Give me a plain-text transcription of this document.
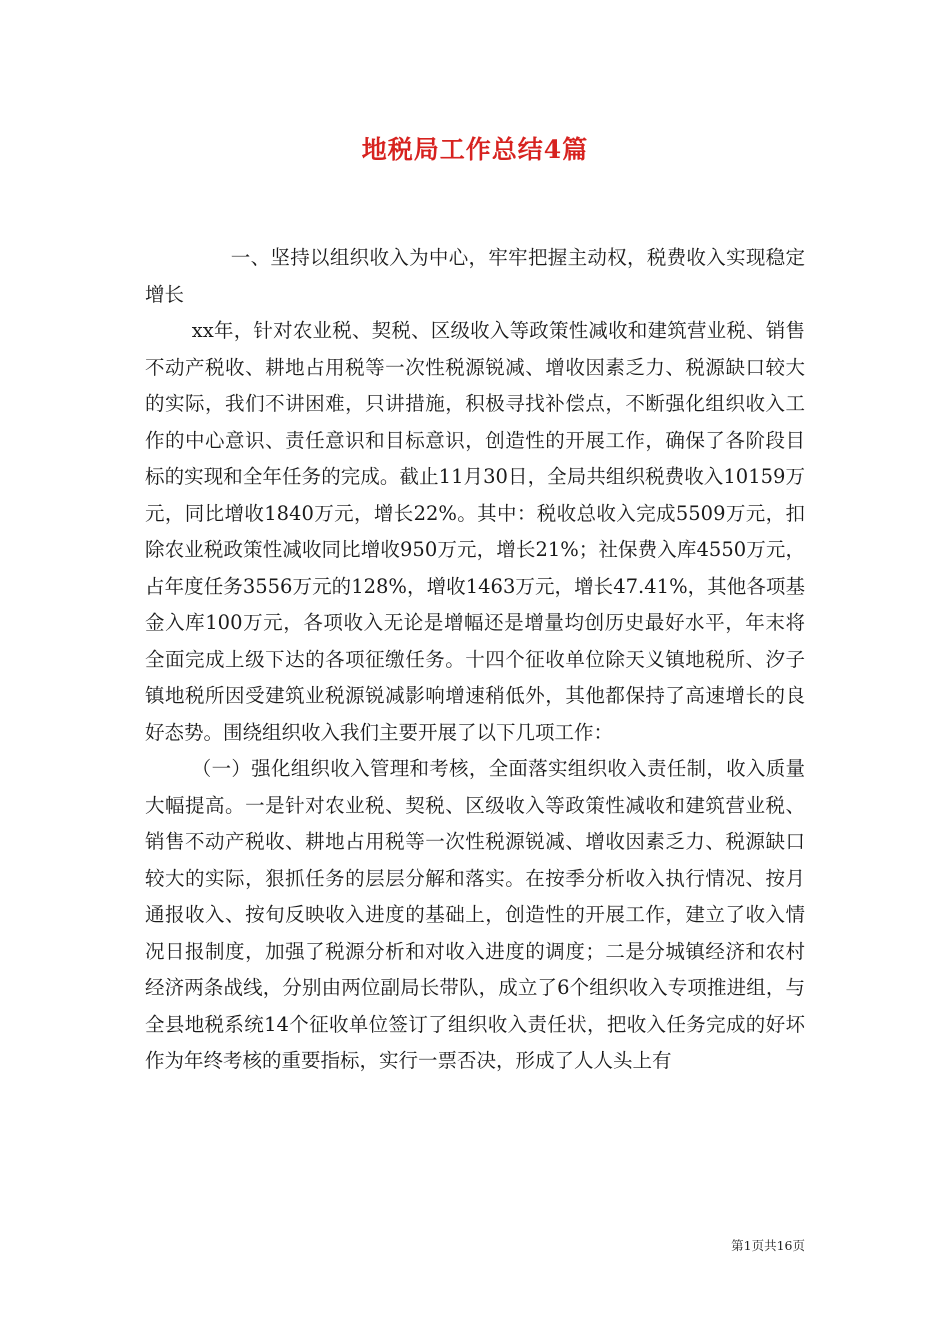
地税局工作总结4篇

一、坚持以组织收入为中心，牢牢把握主动权，税费收入实现稳定增长

xx年，针对农业税、契税、区级收入等政策性减收和建筑营业税、销售不动产税收、耕地占用税等一次性税源锐减、增收因素乏力、税源缺口较大的实际，我们不讲困难，只讲措施，积极寻找补偿点，不断强化组织收入工作的中心意识、责任意识和目标意识，创造性的开展工作，确保了各阶段目标的实现和全年任务的完成。截止11月30日，全局共组织税费收入10159万元，同比增收1840万元，增长22%。其中：税收总收入完成5509万元，扣除农业税政策性减收同比增收950万元，增长21%；社保费入库4550万元，占年度任务3556万元的128%，增收1463万元，增长47.41%，其他各项基金入库100万元，各项收入无论是增幅还是增量均创历史最好水平，年末将全面完成上级下达的各项征缴任务。十四个征收单位除天义镇地税所、汐子镇地税所因受建筑业税源锐减影响增速稍低外，其他都保持了高速增长的良好态势。围绕组织收入我们主要开展了以下几项工作：

（一）强化组织收入管理和考核，全面落实组织收入责任制，收入质量大幅提高。一是针对农业税、契税、区级收入等政策性减收和建筑营业税、销售不动产税收、耕地占用税等一次性税源锐减、增收因素乏力、税源缺口较大的实际，狠抓任务的层层分解和落实。在按季分析收入执行情况、按月通报收入、按旬反映收入进度的基础上，创造性的开展工作，建立了收入情况日报制度，加强了税源分析和对收入进度的调度；二是分城镇经济和农村经济两条战线，分别由两位副局长带队，成立了6个组织收入专项推进组，与全县地税系统14个征收单位签订了组织收入责任状，把收入任务完成的好坏作为年终考核的重要指标，实行一票否决，形成了人人头上有

第1页共16页
